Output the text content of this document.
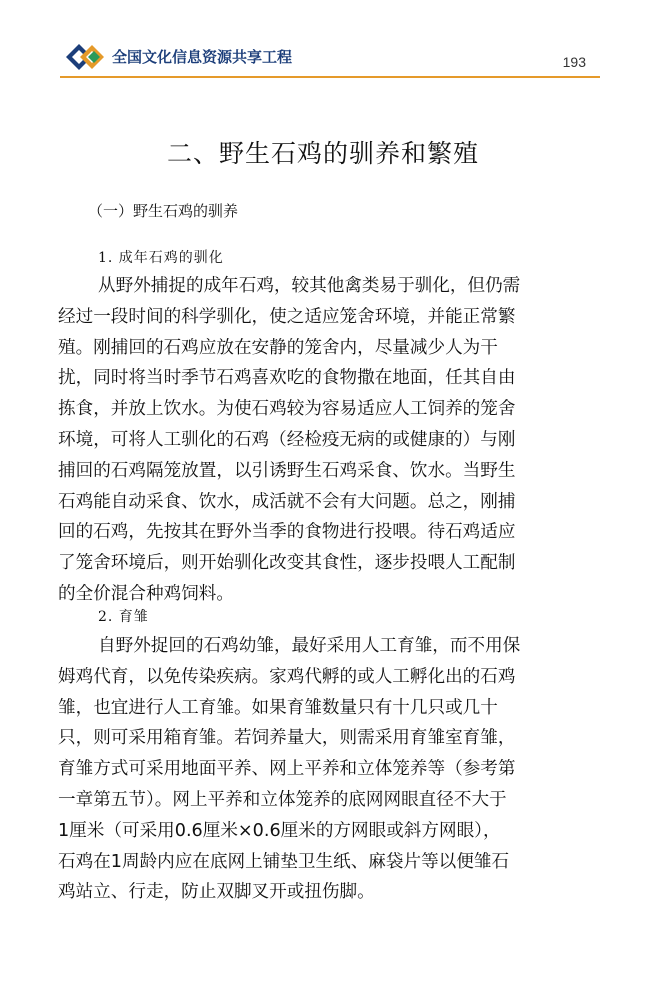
全国文化信息资源共享工程	193
二、野生石鸡的驯养和繁殖
（一）野生石鸡的驯养
1. 成年石鸡的驯化
从野外捕捉的成年石鸡，较其他禽类易于驯化，但仍需
经过一段时间的科学驯化，使之适应笼舍环境，并能正常繁
殖。刚捕回的石鸡应放在安静的笼舍内，尽量减少人为干
扰，同时将当时季节石鸡喜欢吃的食物撒在地面，任其自由
拣食，并放上饮水。为使石鸡较为容易适应人工饲养的笼舍
环境，可将人工驯化的石鸡（经检疫无病的或健康的）与刚
捕回的石鸡隔笼放置，以引诱野生石鸡采食、饮水。当野生
石鸡能自动采食、饮水，成活就不会有大问题。总之，刚捕
回的石鸡，先按其在野外当季的食物进行投喂。待石鸡适应
了笼舍环境后，则开始驯化改变其食性，逐步投喂人工配制
的全价混合种鸡饲料。
2. 育雏
自野外捉回的石鸡幼雏，最好采用人工育雏，而不用保
姆鸡代育，以免传染疾病。家鸡代孵的或人工孵化出的石鸡
雏，也宜进行人工育雏。如果育雏数量只有十几只或几十
只，则可采用箱育雏。若饲养量大，则需采用育雏室育雏，
育雏方式可采用地面平养、网上平养和立体笼养等（参考第
一章第五节）。网上平养和立体笼养的底网网眼直径不大于
1厘米（可采用0.6厘米×0.6厘米的方网眼或斜方网眼），
石鸡在1周龄内应在底网上铺垫卫生纸、麻袋片等以便雏石
鸡站立、行走，防止双脚叉开或扭伤脚。
